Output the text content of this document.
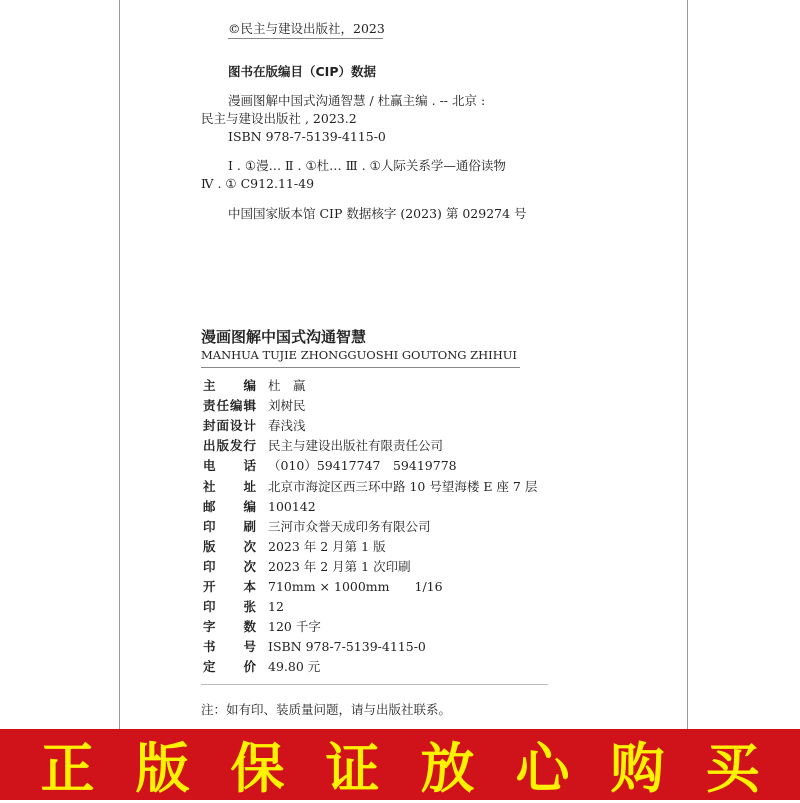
©民主与建设出版社，2023
图书在版编目（CIP）数据
漫画图解中国式沟通智慧 / 杜赢主编 . -- 北京 :
民主与建设出版社 , 2023.2
ISBN 978-7-5139-4115-0
Ⅰ . ①漫… Ⅱ . ①杜… Ⅲ . ①人际关系学—通俗读物
Ⅳ . ① C912.11-49
中国国家版本馆 CIP 数据核字 (2023) 第 029274 号
漫画图解中国式沟通智慧
MANHUA TUJIE ZHONGGUOSHI GOUTONG ZHIHUI
主编 杜　赢
责任编辑 刘树民
封面设计 春浅浅
出版发行 民主与建设出版社有限责任公司
电话 （010）59417747　59419778
社址 北京市海淀区西三环中路 10 号望海楼 E 座 7 层
邮编 100142
印刷 三河市众誉天成印务有限公司
版次 2023 年 2 月第 1 版
印次 2023 年 2 月第 1 次印刷
开本 710mm × 1000mm　　1/16
印张 12
字数 120 千字
书号 ISBN 978-7-5139-4115-0
定价 49.80 元
注：如有印、装质量问题，请与出版社联系。
正 版 保 证 放 心 购 买
